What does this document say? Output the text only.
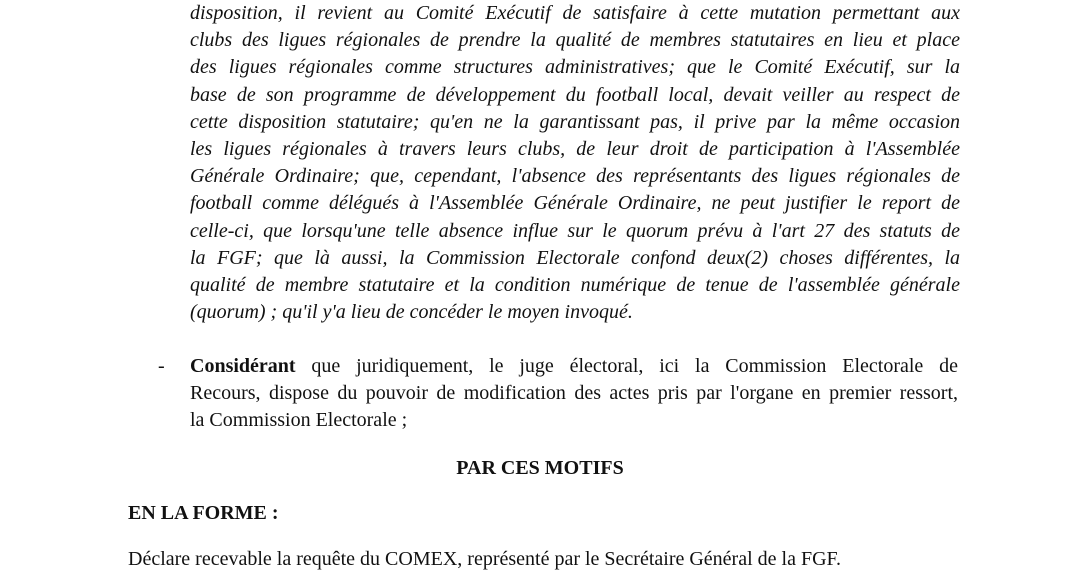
disposition, il revient au Comité Exécutif de satisfaire à cette mutation permettant aux
clubs des ligues régionales de prendre la qualité de membres statutaires en lieu et place
des ligues régionales comme structures administratives; que le Comité Exécutif, sur la
base de son programme de développement du football local, devait veiller au respect de
cette disposition statutaire; qu'en ne la garantissant pas, il prive par la même occasion
les ligues régionales à travers leurs clubs, de leur droit de participation à l'Assemblée
Générale Ordinaire; que, cependant, l'absence des représentants des ligues régionales de
football comme délégués à l'Assemblée Générale Ordinaire, ne peut justifier le report de
celle-ci, que lorsqu'une telle absence influe sur le quorum prévu à l'art 27 des statuts de
la FGF; que là aussi, la Commission Electorale confond deux(2) choses différentes, la
qualité de membre statutaire et la condition numérique de tenue de l'assemblée générale
(quorum) ; qu'il y'a lieu de concéder le moyen invoqué.
- Considérant que juridiquement, le juge électoral, ici la Commission Electorale de
Recours, dispose du pouvoir de modification des actes pris par l'organe en premier ressort,
la Commission Electorale ;
PAR CES MOTIFS
EN LA FORME :
Déclare recevable la requête du COMEX, représenté par le Secrétaire Général de la FGF.
